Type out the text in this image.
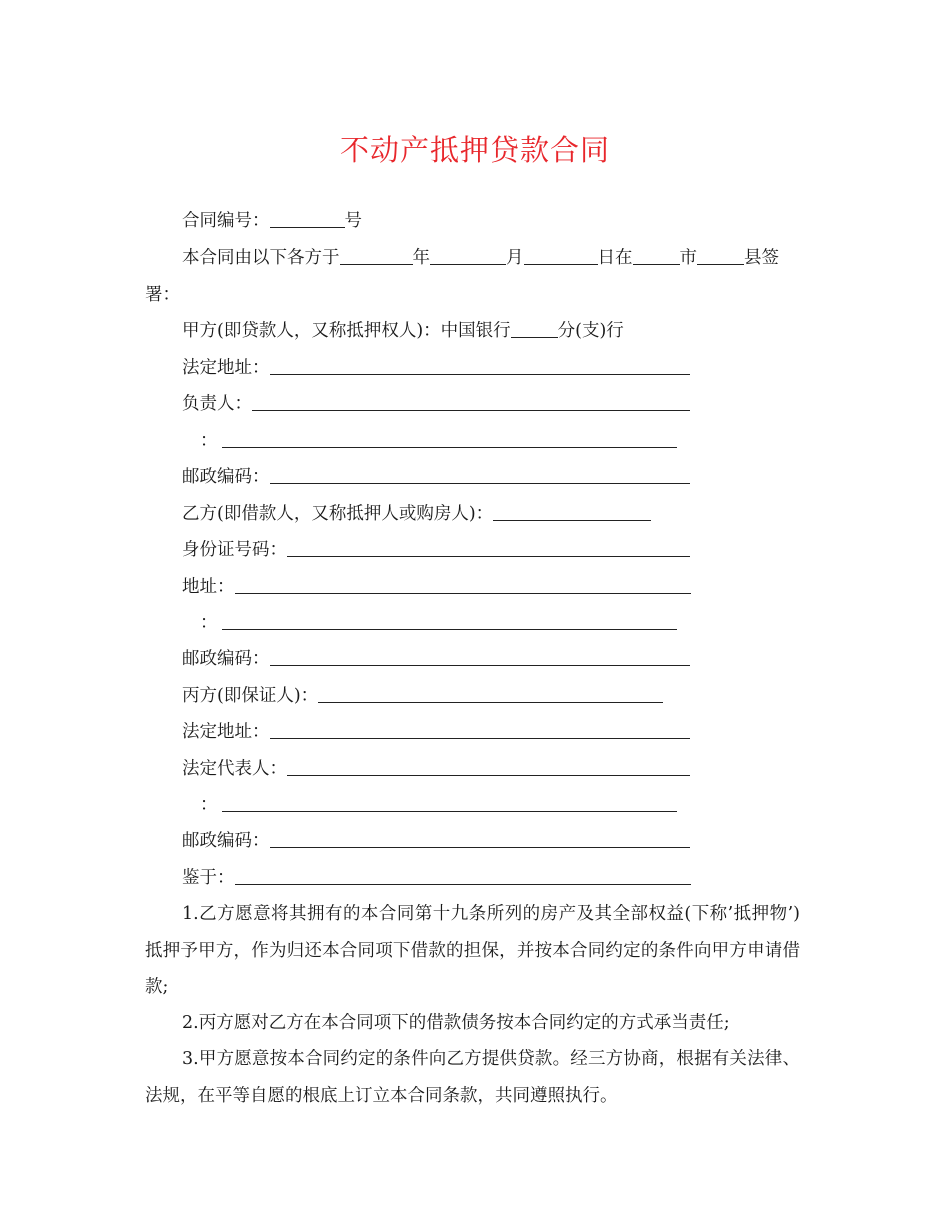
不动产抵押贷款合同
合同编号：	号
本合同由以下各方于	年	月	日在	市	县签
署：
甲方(即贷款人，又称抵押权人)：中国银行	分(支)行
法定地址：
负责人：
：
邮政编码：
乙方(即借款人，又称抵押人或购房人)：
身份证号码：
地址：
：
邮政编码：
丙方(即保证人)：
法定地址：
法定代表人：
：
邮政编码：
鉴于：
1.乙方愿意将其拥有的本合同第十九条所列的房产及其全部权益(下称’抵押物’)抵押予甲方，作为归还本合同项下借款的担保，并按本合同约定的条件向甲方申请借款;
2.丙方愿对乙方在本合同项下的借款债务按本合同约定的方式承当责任;
3.甲方愿意按本合同约定的条件向乙方提供贷款。经三方协商，根据有关法律、法规，在平等自愿的根底上订立本合同条款，共同遵照执行。
